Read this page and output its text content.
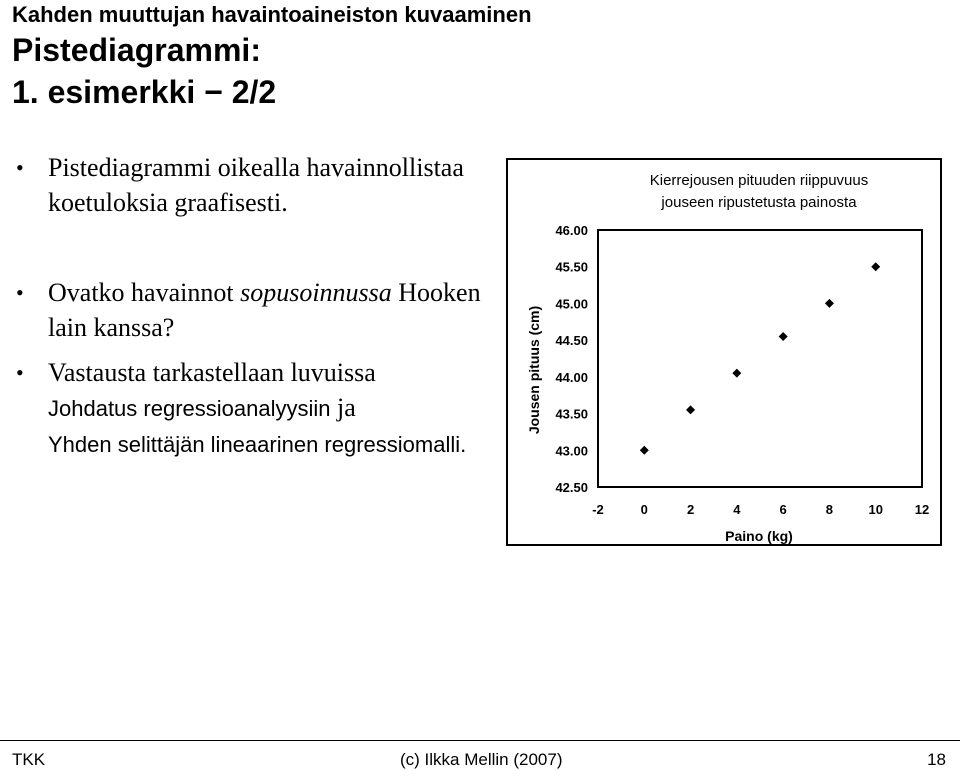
Kahden muuttujan havaintoaineiston kuvaaminen
Pistediagrammi:
1. esimerkki − 2/2
• Pistediagrammi oikealla havainnollistaa koetuloksia graafisesti.
• Ovatko havainnot sopusoinnussa Hooken lain kanssa?
• Vastausta tarkastellaan luvuissa
Johdatus regressioanalyysiin ja
Yhden selittäjän lineaarinen regressiomalli.
Kierrejousen pituuden riippuvuus
jouseen ripustetusta painosta
Jousen pituus (cm)
Paino (kg)
46.00
45.50
45.00
44.50
44.00
43.50
43.00
42.50
-2	0	2	4	6	8	10 12
TKK	(c) Ilkka Mellin (2007)	18
